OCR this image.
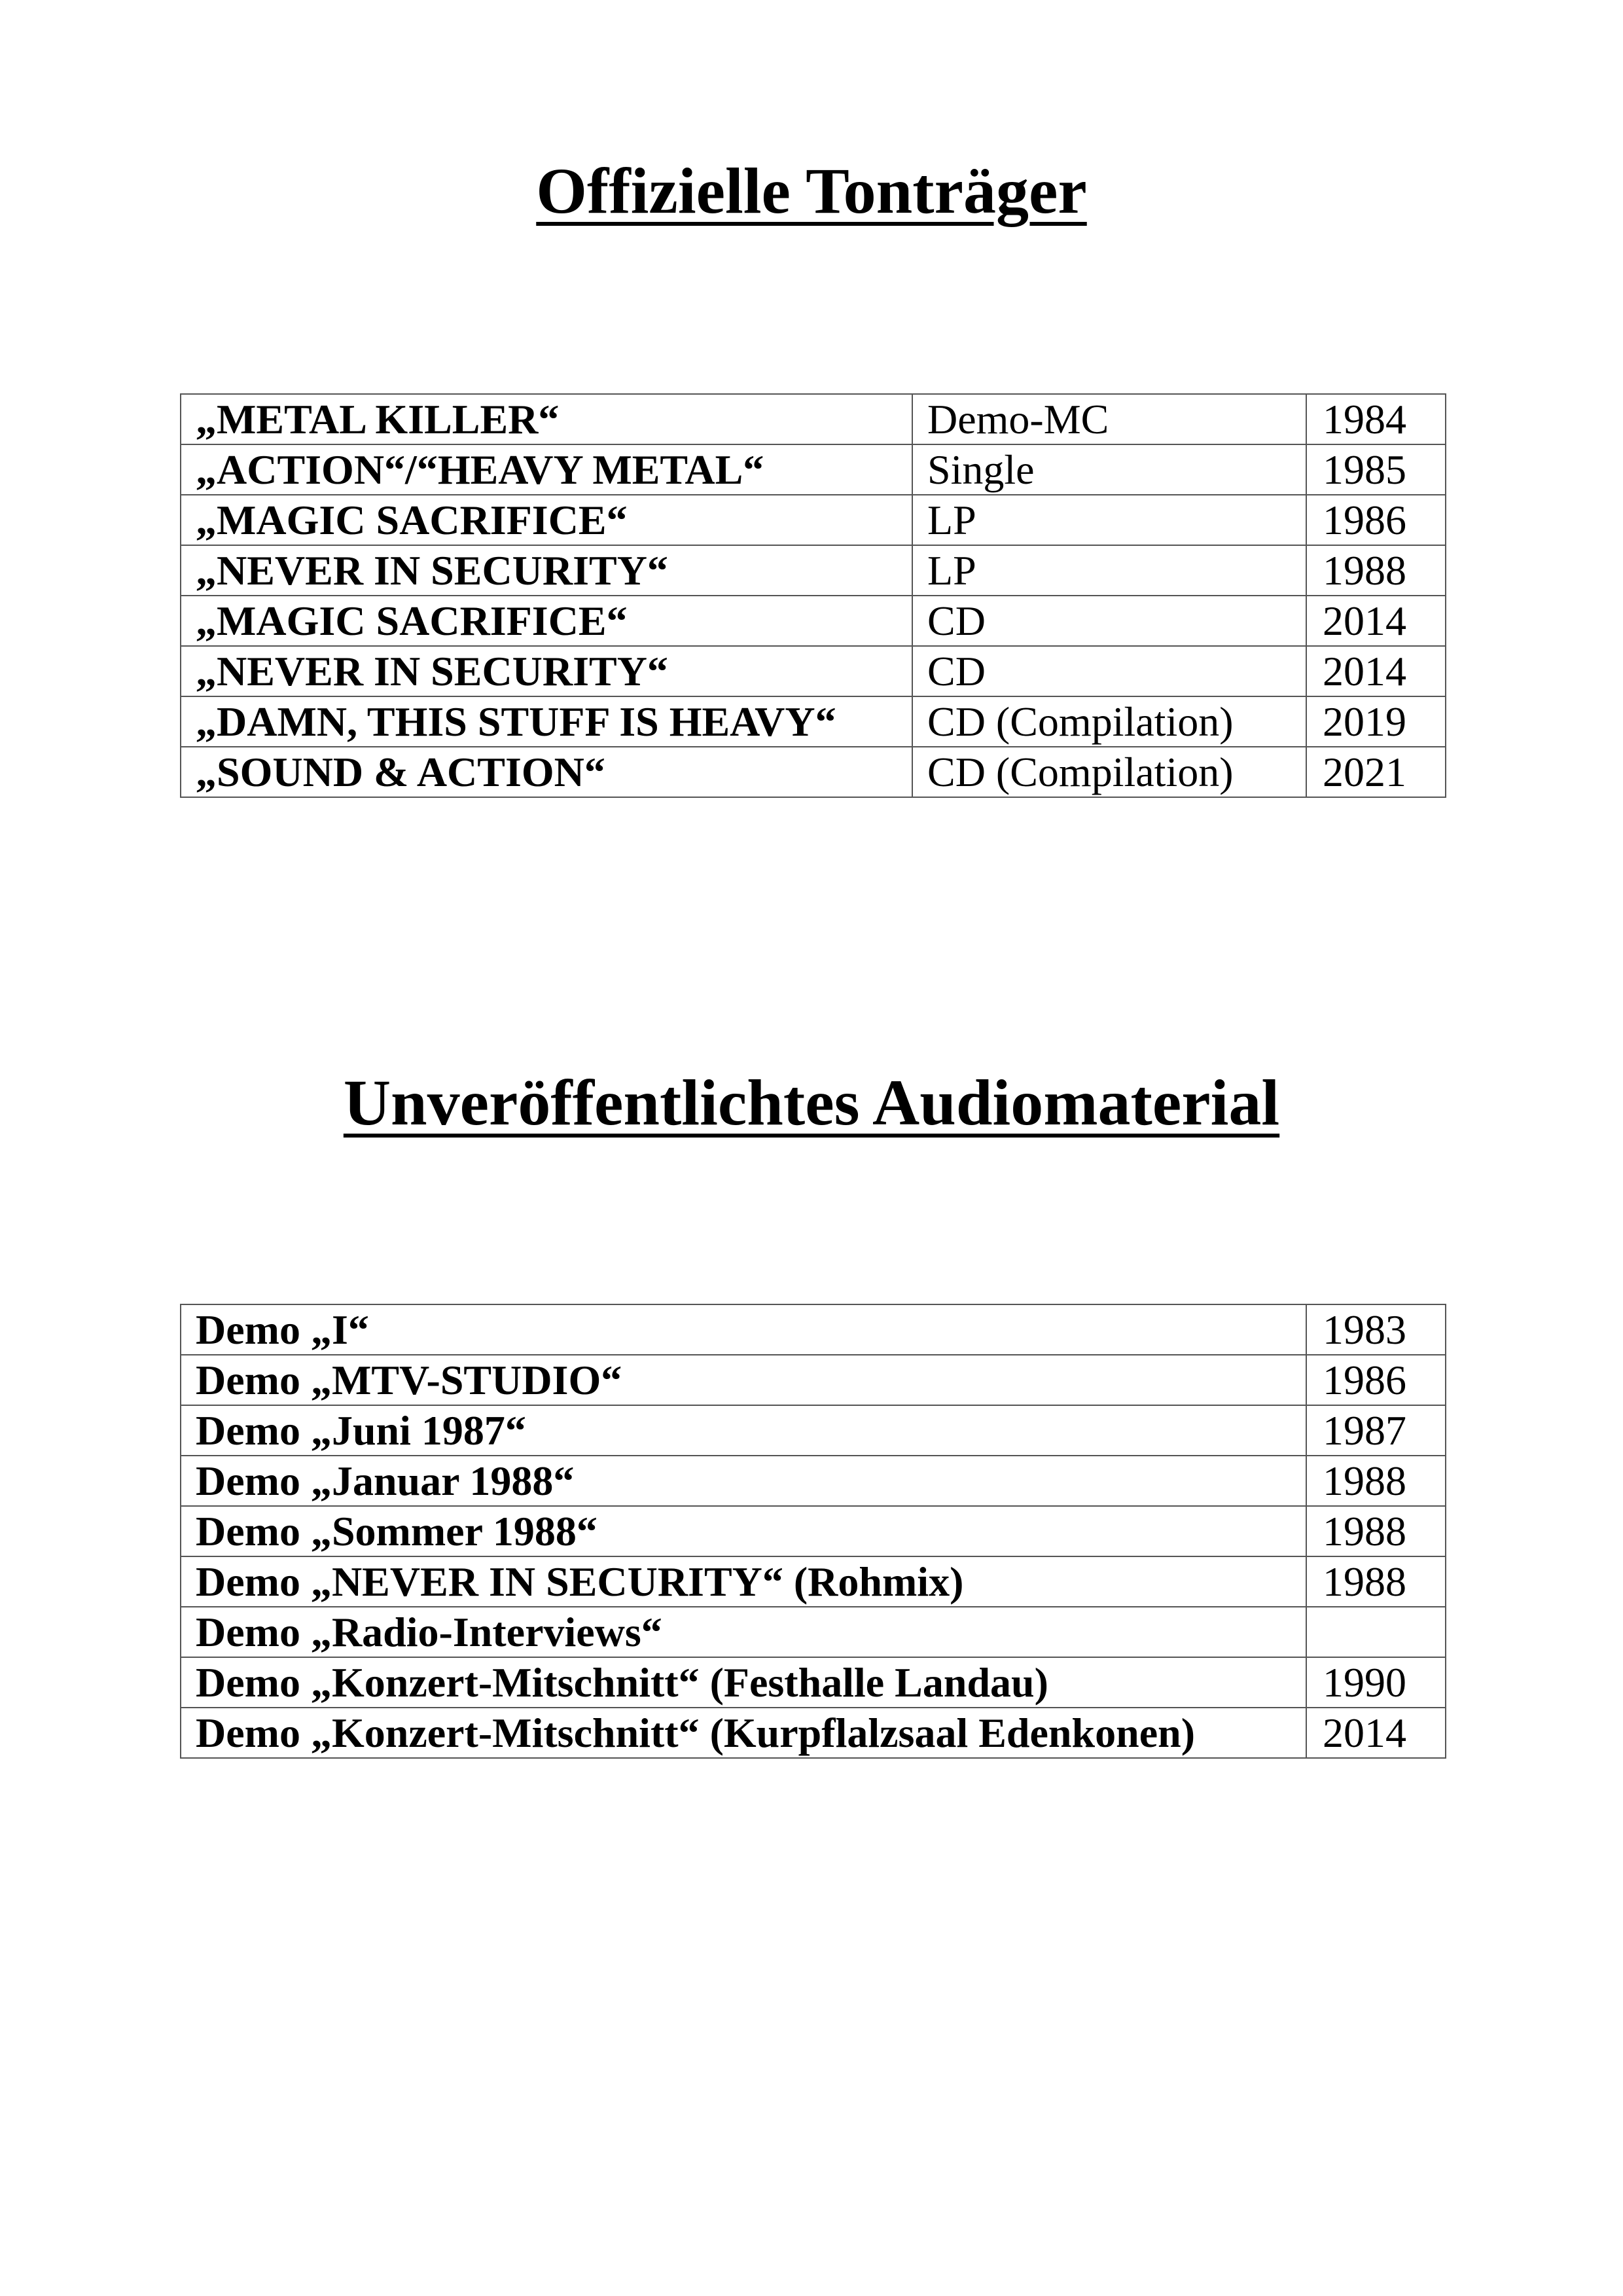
Offizielle Tonträger
„METAL KILLER“	Demo-MC	1984
„ACTION“/“HEAVY METAL“	Single	1985
„MAGIC SACRIFICE“	LP	1986
„NEVER IN SECURITY“	LP	1988
„MAGIC SACRIFICE“	CD	2014
„NEVER IN SECURITY“	CD	2014
„DAMN, THIS STUFF IS HEAVY“	CD (Compilation)	2019
„SOUND & ACTION“	CD (Compilation)	2021
Unveröffentlichtes Audiomaterial
Demo „I“	1983
Demo „MTV-STUDIO“	1986
Demo „Juni 1987“	1987
Demo „Januar 1988“	1988
Demo „Sommer 1988“	1988
Demo „NEVER IN SECURITY“ (Rohmix)	1988
Demo „Radio-Interviews“	
Demo „Konzert-Mitschnitt“ (Festhalle Landau)	1990
Demo „Konzert-Mitschnitt“ (Kurpflalzsaal Edenkonen)	2014
